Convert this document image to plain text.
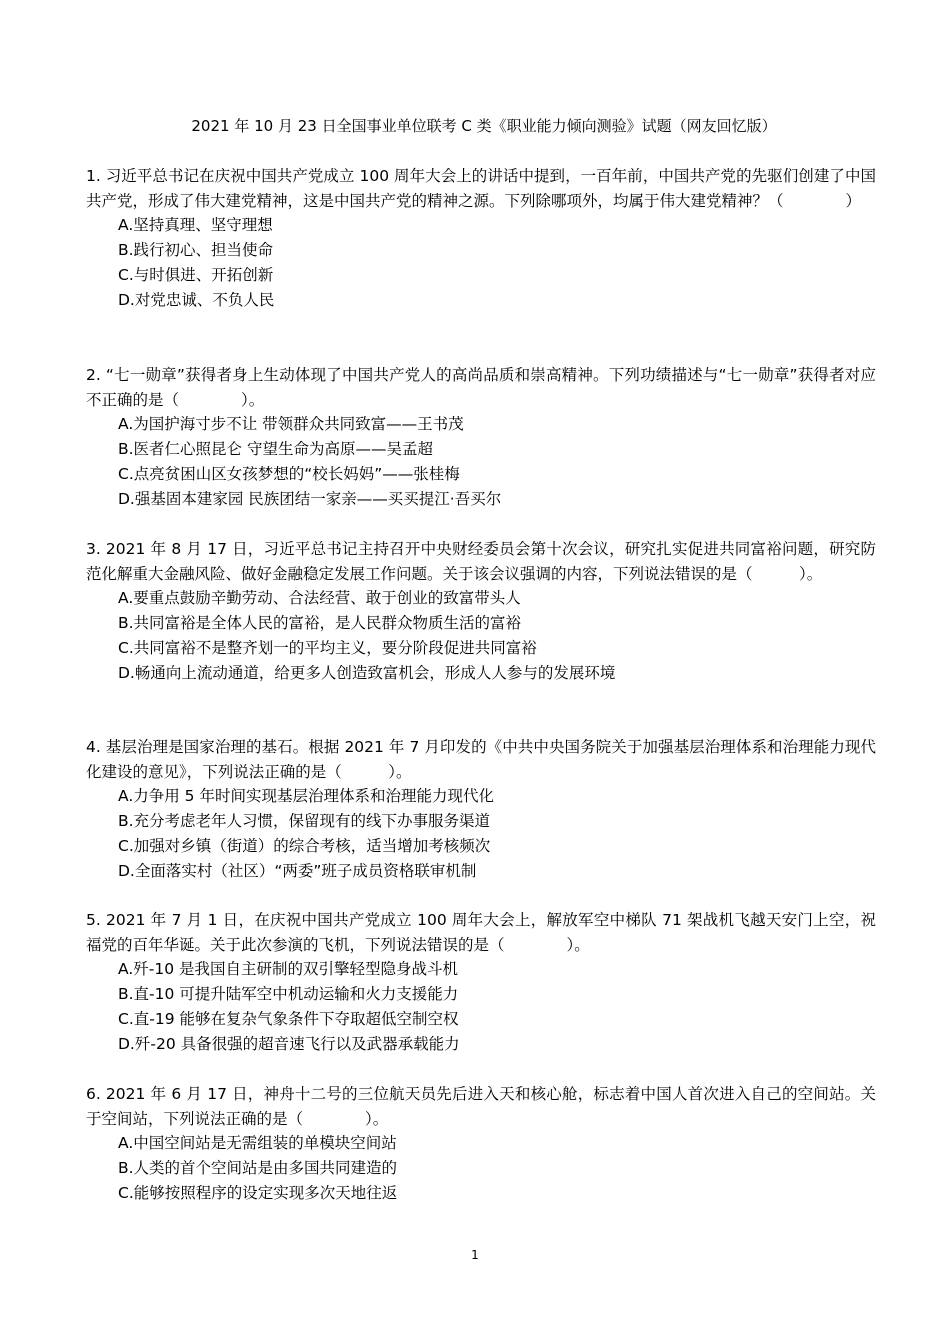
2021 年 10 月 23 日全国事业单位联考 C 类《职业能力倾向测验》试题（网友回忆版）

1. 习近平总书记在庆祝中国共产党成立 100 周年大会上的讲话中提到，一百年前，中国共产党的先驱们创建了中国共产党，形成了伟大建党精神，这是中国共产党的精神之源。下列除哪项外，均属于伟大建党精神？（　　　　）

A.坚持真理、坚守理想
B.践行初心、担当使命
C.与时俱进、开拓创新
D.对党忠诚、不负人民

2. “七一勋章”获得者身上生动体现了中国共产党人的高尚品质和崇高精神。下列功绩描述与“七一勋章”获得者对应不正确的是（　　　　）。

A.为国护海寸步不让 带领群众共同致富——王书茂
B.医者仁心照昆仑 守望生命为高原——吴孟超
C.点亮贫困山区女孩梦想的“校长妈妈”——张桂梅
D.强基固本建家园 民族团结一家亲——买买提江·吾买尔

3. 2021 年 8 月 17 日，习近平总书记主持召开中央财经委员会第十次会议，研究扎实促进共同富裕问题，研究防范化解重大金融风险、做好金融稳定发展工作问题。关于该会议强调的内容，下列说法错误的是（　　　）。

A.要重点鼓励辛勤劳动、合法经营、敢于创业的致富带头人
B.共同富裕是全体人民的富裕，是人民群众物质生活的富裕
C.共同富裕不是整齐划一的平均主义，要分阶段促进共同富裕
D.畅通向上流动通道，给更多人创造致富机会，形成人人参与的发展环境

4. 基层治理是国家治理的基石。根据 2021 年 7 月印发的《中共中央国务院关于加强基层治理体系和治理能力现代化建设的意见》，下列说法正确的是（　　　）。

A.力争用 5 年时间实现基层治理体系和治理能力现代化
B.充分考虑老年人习惯，保留现有的线下办事服务渠道
C.加强对乡镇（街道）的综合考核，适当增加考核频次
D.全面落实村（社区）“两委”班子成员资格联审机制

5. 2021 年 7 月 1 日，在庆祝中国共产党成立 100 周年大会上，解放军空中梯队 71 架战机飞越天安门上空，祝福党的百年华诞。关于此次参演的飞机，下列说法错误的是（　　　　）。

A.歼-10 是我国自主研制的双引擎轻型隐身战斗机
B.直-10 可提升陆军空中机动运输和火力支援能力
C.直-19 能够在复杂气象条件下夺取超低空制空权
D.歼-20 具备很强的超音速飞行以及武器承载能力

6. 2021 年 6 月 17 日，神舟十二号的三位航天员先后进入天和核心舱，标志着中国人首次进入自己的空间站。关于空间站，下列说法正确的是（　　　　）。

A.中国空间站是无需组装的单模块空间站
B.人类的首个空间站是由多国共同建造的
C.能够按照程序的设定实现多次天地往返
1
